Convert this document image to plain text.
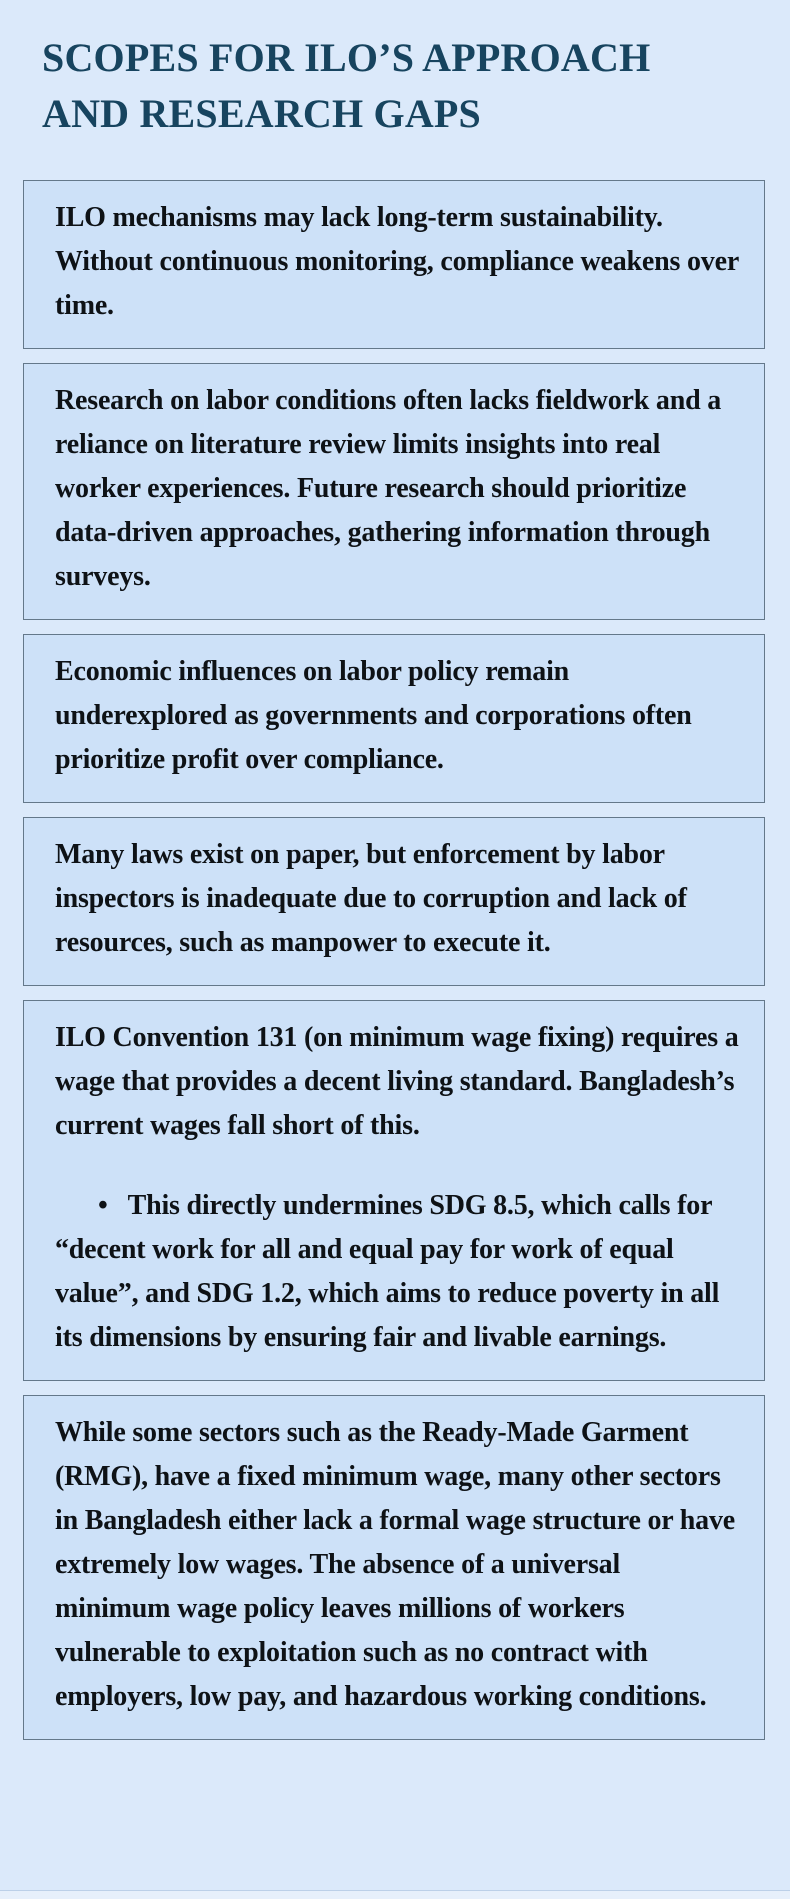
SCOPES FOR ILO’S APPROACH
AND RESEARCH GAPS

ILO mechanisms may lack long-term sustainability. Without continuous monitoring, compliance weakens over time.

Research on labor conditions often lacks fieldwork and a reliance on literature review limits insights into real worker experiences. Future research should prioritize data-driven approaches, gathering information through surveys.

Economic influences on labor policy remain underexplored as governments and corporations often prioritize profit over compliance.

Many laws exist on paper, but enforcement by labor inspectors is inadequate due to corruption and lack of resources, such as manpower to execute it.

ILO Convention 131 (on minimum wage fixing) requires a wage that provides a decent living standard. Bangladesh’s current wages fall short of this.

• This directly undermines SDG 8.5, which calls for “decent work for all and equal pay for work of equal value”, and SDG 1.2, which aims to reduce poverty in all its dimensions by ensuring fair and livable earnings.

While some sectors such as the Ready-Made Garment (RMG), have a fixed minimum wage, many other sectors in Bangladesh either lack a formal wage structure or have extremely low wages. The absence of a universal minimum wage policy leaves millions of workers vulnerable to exploitation such as no contract with employers, low pay, and hazardous working conditions.
